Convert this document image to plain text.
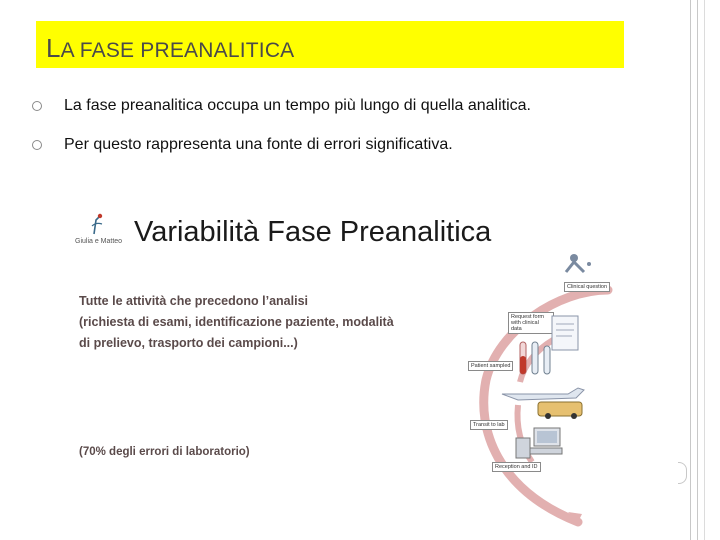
LA FASE PREANALITICA
La fase preanalitica occupa un tempo più lungo di quella analitica.
Per questo rappresenta una fonte di errori significativa.
Giulia e Matteo Variabilità Fase Preanalitica
Tutte le attività che precedono l’analisi
(richiesta di esami, identificazione paziente, modalità
di prelievo, trasporto dei campioni...)
(70% degli errori di laboratorio)
Clinical question
Request form with clinical data
Patient sampled
Transit to lab
Reception and ID
